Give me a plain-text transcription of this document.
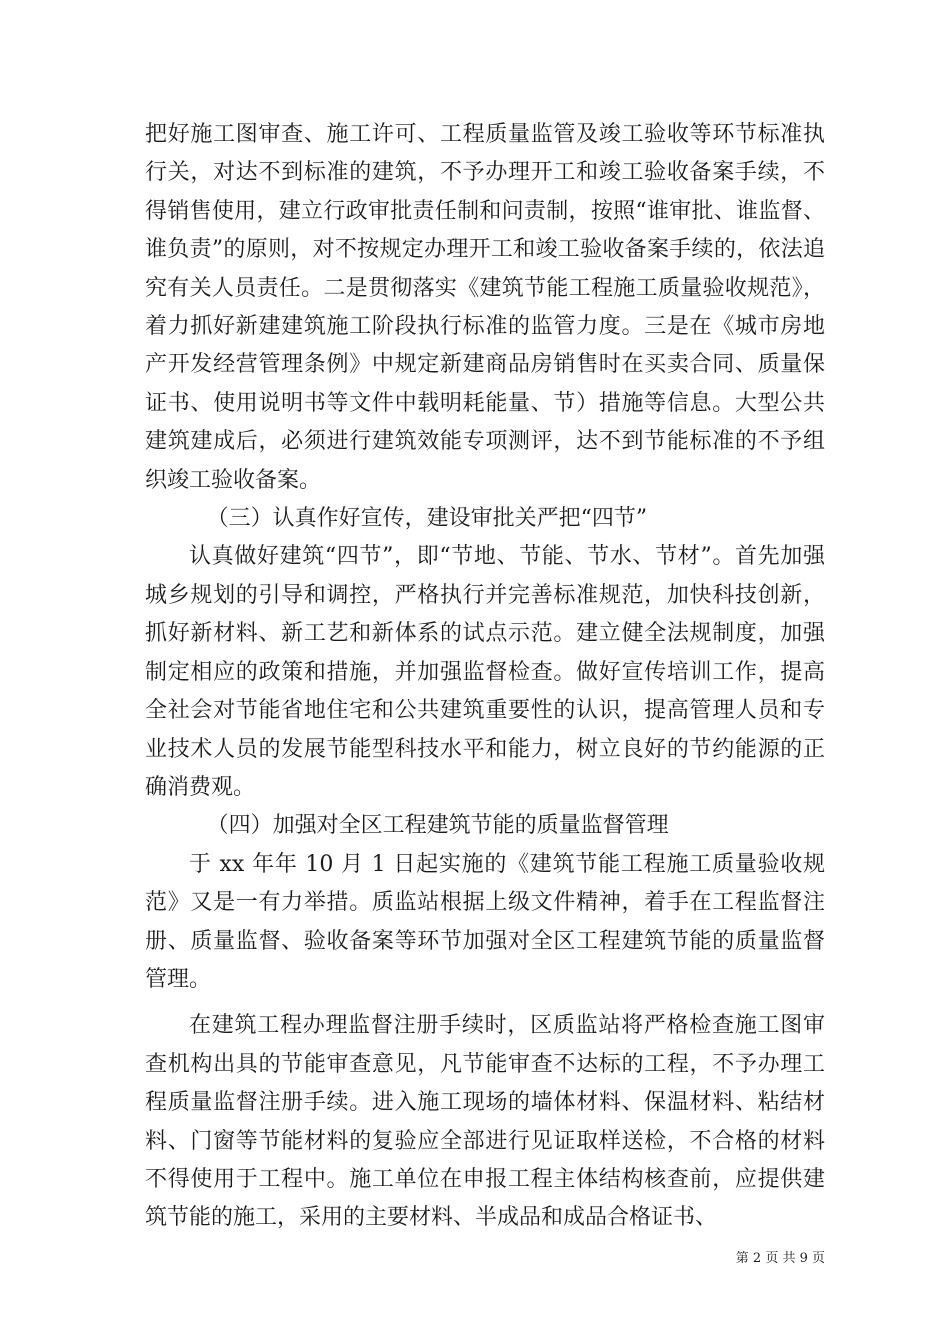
把好施工图审查、施工许可、工程质量监管及竣工验收等环节标准执行关，对达不到标准的建筑，不予办理开工和竣工验收备案手续，不得销售使用，建立行政审批责任制和问责制，按照“谁审批、谁监督、谁负责”的原则，对不按规定办理开工和竣工验收备案手续的，依法追究有关人员责任。二是贯彻落实《建筑节能工程施工质量验收规范》，着力抓好新建建筑施工阶段执行标准的监管力度。三是在《城市房地产开发经营管理条例》中规定新建商品房销售时在买卖合同、质量保证书、使用说明书等文件中载明耗能量、节）措施等信息。大型公共建筑建成后，必须进行建筑效能专项测评，达不到节能标准的不予组织竣工验收备案。

（三）认真作好宣传，建设审批关严把“四节”

认真做好建筑“四节”，即“节地、节能、节水、节材”。首先加强城乡规划的引导和调控，严格执行并完善标准规范，加快科技创新，抓好新材料、新工艺和新体系的试点示范。建立健全法规制度，加强制定相应的政策和措施，并加强监督检查。做好宣传培训工作，提高全社会对节能省地住宅和公共建筑重要性的认识，提高管理人员和专业技术人员的发展节能型科技水平和能力，树立良好的节约能源的正确消费观。

（四）加强对全区工程建筑节能的质量监督管理

于 xx 年年 10 月 1 日起实施的《建筑节能工程施工质量验收规范》又是一有力举措。质监站根据上级文件精神，着手在工程监督注册、质量监督、验收备案等环节加强对全区工程建筑节能的质量监督管理。

在建筑工程办理监督注册手续时，区质监站将严格检查施工图审查机构出具的节能审查意见，凡节能审查不达标的工程，不予办理工程质量监督注册手续。进入施工现场的墙体材料、保温材料、粘结材料、门窗等节能材料的复验应全部进行见证取样送检，不合格的材料不得使用于工程中。施工单位在申报工程主体结构核查前，应提供建筑节能的施工，采用的主要材料、半成品和成品合格证书、

第 2 页 共 9 页
